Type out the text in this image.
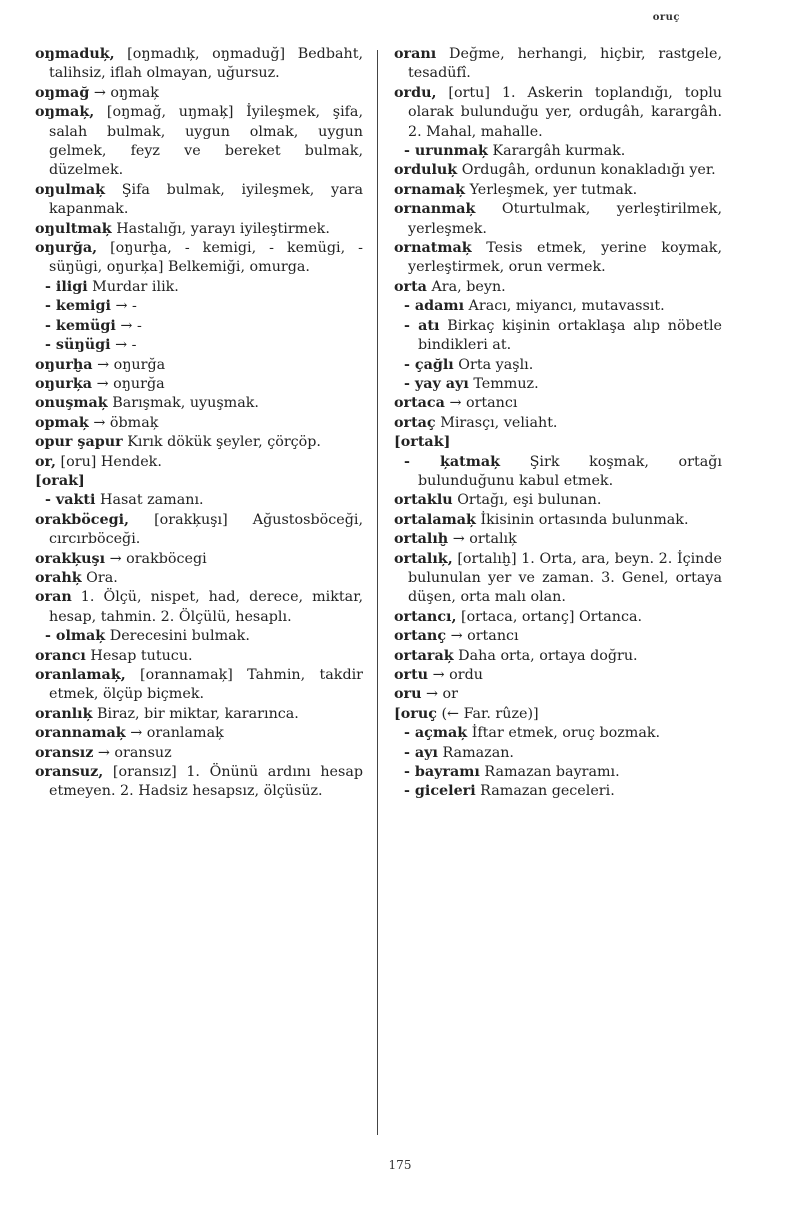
oruç

oŋmaduķ, [oŋmadıķ, oŋmaduğ] Bedbaht, talihsiz, iflah olmayan, uğursuz.

oŋmağ → oŋmaķ

oŋmaķ, [oŋmağ, uŋmaķ] İyileşmek, şifa, salah bulmak, uygun olmak, uygun gelmek, feyz ve bereket bulmak, düzelmek.

oŋulmaķ Şifa bulmak, iyileşmek, yara kapanmak.

oŋultmaķ Hastalığı, yarayı iyileştirmek.

oŋurğa, [oŋurḫa, - kemigi, - kemügi, - süŋügi, oŋurķa] Belkemiği, omurga.

- iligi Murdar ilik.

- kemigi → -

- kemügi → -

- süŋügi → -

oŋurḫa → oŋurğa

oŋurķa → oŋurğa

onuşmaķ Barışmak, uyuşmak.

opmaķ → öbmaķ

opur şapur Kırık dökük şeyler, çörçöp.

or, [oru] Hendek.

[orak]

- vakti Hasat zamanı.

orakböcegi, [orakķuşı] Ağustosböceği, cırcırböceği.

orakķuşı → orakböcegi

orahķ Ora.

oran 1. Ölçü, nispet, had, derece, miktar, hesap, tahmin. 2. Ölçülü, hesaplı.

- olmaķ Derecesini bulmak.

orancı Hesap tutucu.

oranlamaķ, [orannamaķ] Tahmin, takdir etmek, ölçüp biçmek.

oranlıķ Biraz, bir miktar, kararınca.

orannamaķ → oranlamaķ

oransız → oransuz

oransuz, [oransız] 1. Önünü ardını hesap etmeyen. 2. Hadsiz hesapsız, ölçüsüz.

oranı Değme, herhangi, hiçbir, rastgele, tesadüfî.

ordu, [ortu] 1. Askerin toplandığı, toplu olarak bulunduğu yer, ordugâh, karargâh. 2. Mahal, mahalle.

- urunmaķ Karargâh kurmak.

orduluķ Ordugâh, ordunun konakladığı yer.

ornamaķ Yerleşmek, yer tutmak.

ornanmaķ Oturtulmak, yerleştirilmek, yerleşmek.

ornatmaķ Tesis etmek, yerine koymak, yerleştirmek, orun vermek.

orta Ara, beyn.

- adamı Aracı, miyancı, mutavassıt.

- atı Birkaç kişinin ortaklaşa alıp nöbetle bindikleri at.

- çağlı Orta yaşlı.

- yay ayı Temmuz.

ortaca → ortancı

ortaç Mirasçı, veliaht.

[ortak]

- ķatmaķ Şirk koşmak, ortağı bulunduğunu kabul etmek.

ortaklu Ortağı, eşi bulunan.

ortalamaķ İkisinin ortasında bulunmak.

ortalıḫ → ortalıķ

ortalıķ, [ortalıḫ] 1. Orta, ara, beyn. 2. İçinde bulunulan yer ve zaman. 3. Genel, ortaya düşen, orta malı olan.

ortancı, [ortaca, ortanç] Ortanca.

ortanç → ortancı

ortaraķ Daha orta, ortaya doğru.

ortu → ordu

oru → or

[oruç (← Far. rûze)]

- açmaķ İftar etmek, oruç bozmak.

- ayı Ramazan.

- bayramı Ramazan bayramı.

- giceleri Ramazan geceleri.

175
